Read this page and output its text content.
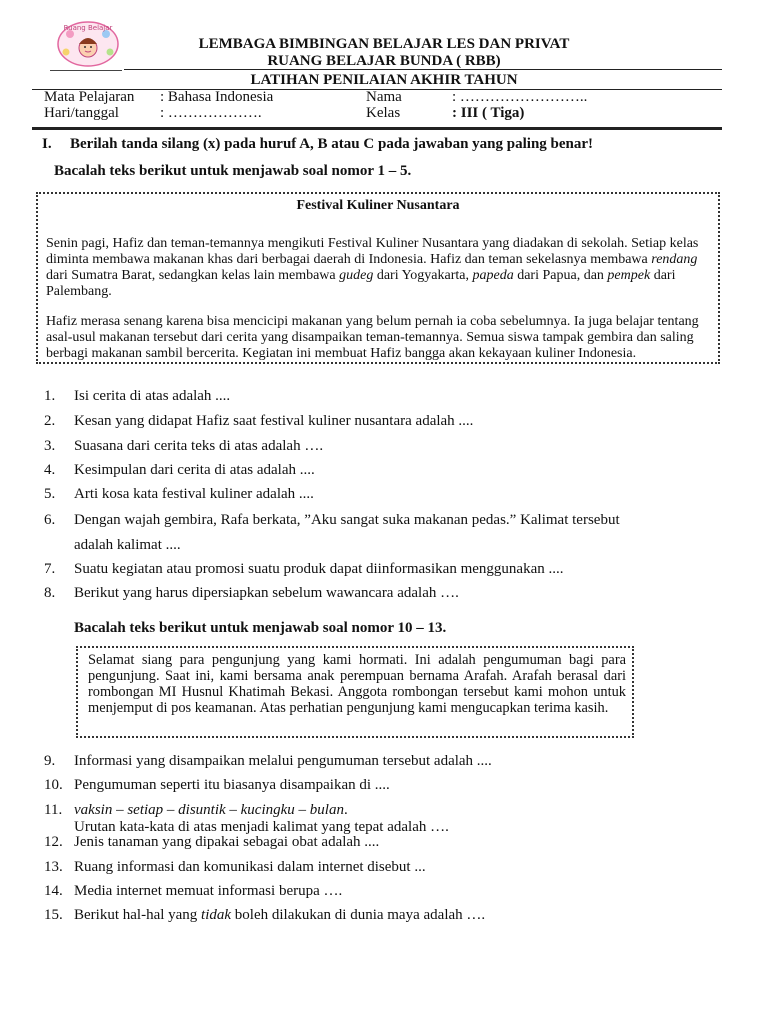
Ruang Belajar
LEMBAGA BIMBINGAN BELAJAR LES DAN PRIVAT
RUANG BELAJAR BUNDA ( RBB)
LATIHAN PENILAIAN AKHIR TAHUN
Mata Pelajaran : Bahasa Indonesia	Nama	: ……………………..
Hari/tanggal	: ……………….	Kelas	: III ( Tiga)
I. Berilah tanda silang (x) pada huruf A, B atau C pada jawaban yang paling benar!
Bacalah teks berikut untuk menjawab soal nomor 1 – 5.
Festival Kuliner Nusantara

Senin pagi, Hafiz dan teman-temannya mengikuti Festival Kuliner Nusantara yang diadakan di sekolah. Setiap kelas diminta membawa makanan khas dari berbagai daerah di Indonesia. Hafiz dan teman sekelasnya membawa rendang dari Sumatra Barat, sedangkan kelas lain membawa gudeg dari Yogyakarta, papeda dari Papua, dan pempek dari Palembang.

Hafiz merasa senang karena bisa mencicipi makanan yang belum pernah ia coba sebelumnya. Ia juga belajar tentang asal-usul makanan tersebut dari cerita yang disampaikan teman-temannya. Semua siswa tampak gembira dan saling berbagi makanan sambil bercerita. Kegiatan ini membuat Hafiz bangga akan kekayaan kuliner Indonesia.

1. Isi cerita di atas adalah ....
2. Kesan yang didapat Hafiz saat festival kuliner nusantara adalah ....
3. Suasana dari cerita teks di atas adalah ….
4. Kesimpulan dari cerita di atas adalah ....
5. Arti kosa kata festival kuliner adalah ....
6. Dengan wajah gembira, Rafa berkata, ”Aku sangat suka makanan pedas.” Kalimat tersebut
adalah kalimat ....
7. Suatu kegiatan atau promosi suatu produk dapat diinformasikan menggunakan ....
8. Berikut yang harus dipersiapkan sebelum wawancara adalah ….
Bacalah teks berikut untuk menjawab soal nomor 10 – 13.

Selamat siang para pengunjung yang kami hormati. Ini adalah pengumuman bagi para pengunjung. Saat ini, kami bersama anak perempuan bernama Arafah. Arafah berasal dari rombongan MI Husnul Khatimah Bekasi. Anggota rombongan tersebut kami mohon untuk menjemput di pos keamanan. Atas perhatian pengunjung kami mengucapkan terima kasih.

9. Informasi yang disampaikan melalui pengumuman tersebut adalah ....
10. Pengumuman seperti itu biasanya disampaikan di ....
11. vaksin – setiap – disuntik – kucingku – bulan.
Urutan kata-kata di atas menjadi kalimat yang tepat adalah ….
12. Jenis tanaman yang dipakai sebagai obat adalah ....
13. Ruang informasi dan komunikasi dalam internet disebut ...
14. Media internet memuat informasi berupa ….
15. Berikut hal-hal yang tidak boleh dilakukan di dunia maya adalah ….
